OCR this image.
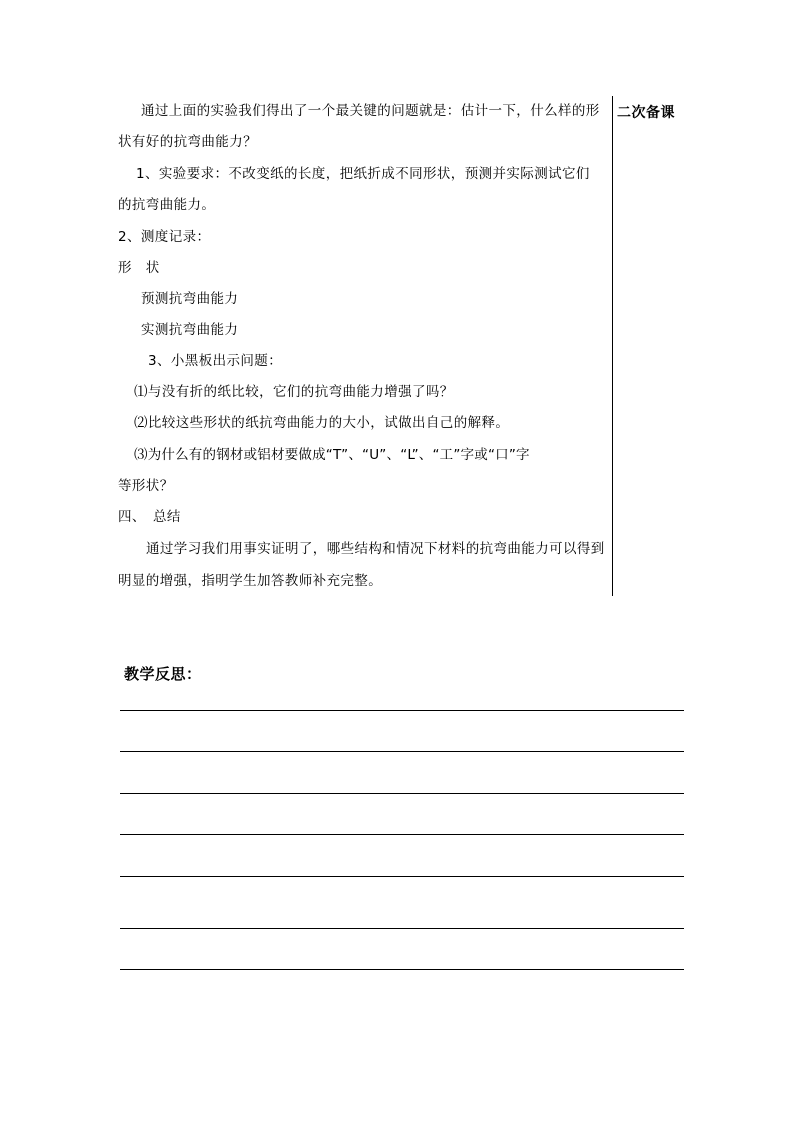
二次备课
通过上面的实验我们得出了一个最关键的问题就是：估计一下，什么样的形
状有好的抗弯曲能力？
1、实验要求：不改变纸的长度，把纸折成不同形状，预测并实际测试它们
的抗弯曲能力。
2、测度记录：
形　状
预测抗弯曲能力
实测抗弯曲能力
3、小黑板出示问题：
⑴与没有折的纸比较，它们的抗弯曲能力增强了吗？
⑵比较这些形状的纸抗弯曲能力的大小，试做出自己的解释。
⑶为什么有的钢材或铝材要做成“T”、“U”、“L”、“工”字或“口”字
等形状？
四、　总结
通过学习我们用事实证明了，哪些结构和情况下材料的抗弯曲能力可以得到
明显的增强，指明学生加答教师补充完整。
教学反思：
